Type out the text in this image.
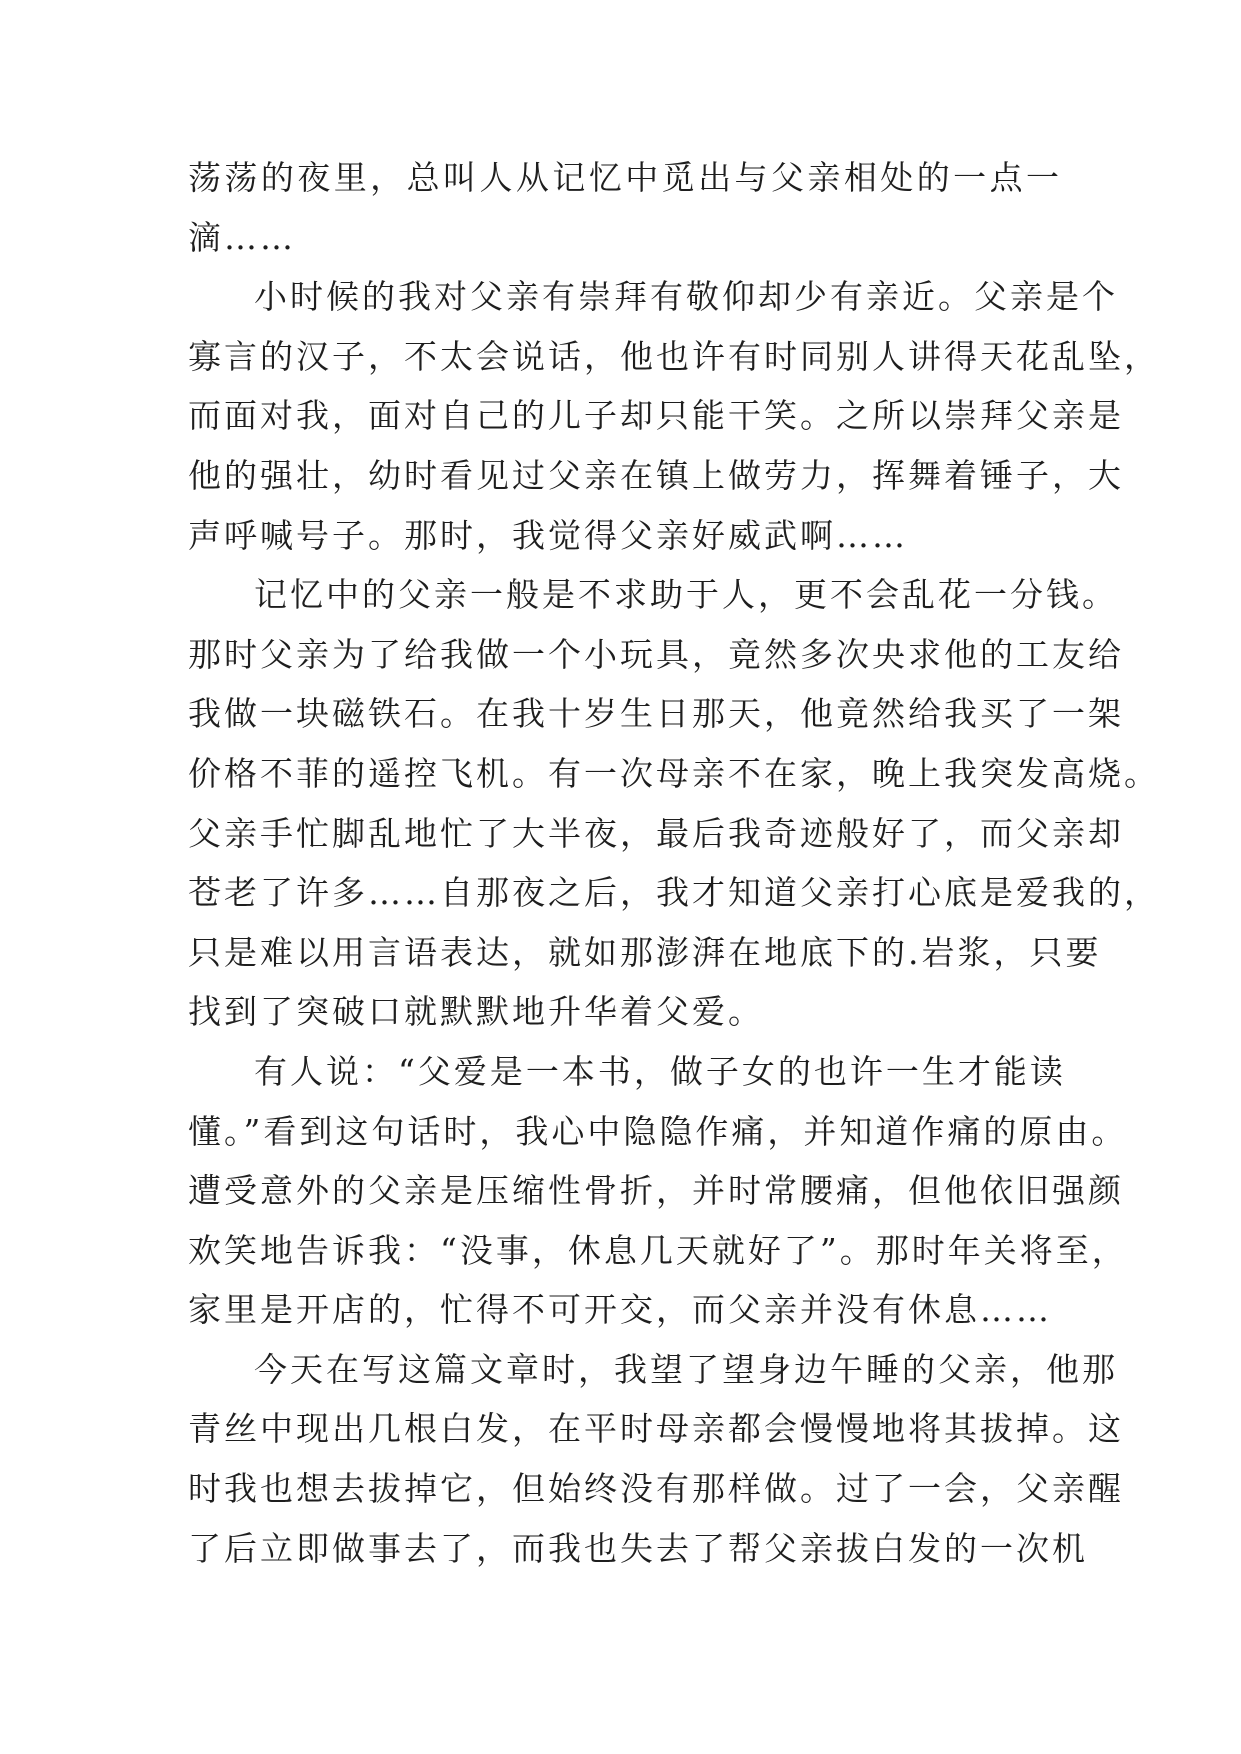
荡荡的夜里，总叫人从记忆中觅出与父亲相处的一点一
滴……
小时候的我对父亲有崇拜有敬仰却少有亲近。父亲是个
寡言的汉子，不太会说话，他也许有时同别人讲得天花乱坠，
而面对我，面对自己的儿子却只能干笑。之所以崇拜父亲是
他的强壮，幼时看见过父亲在镇上做劳力，挥舞着锤子，大
声呼喊号子。那时，我觉得父亲好威武啊……
记忆中的父亲一般是不求助于人，更不会乱花一分钱。
那时父亲为了给我做一个小玩具，竟然多次央求他的工友给
我做一块磁铁石。在我十岁生日那天，他竟然给我买了一架
价格不菲的遥控飞机。有一次母亲不在家，晚上我突发高烧。
父亲手忙脚乱地忙了大半夜，最后我奇迹般好了，而父亲却
苍老了许多……自那夜之后，我才知道父亲打心底是爱我的，
只是难以用言语表达，就如那澎湃在地底下的.岩浆，只要
找到了突破口就默默地升华着父爱。
有人说：“父爱是一本书，做子女的也许一生才能读
懂。”看到这句话时，我心中隐隐作痛，并知道作痛的原由。
遭受意外的父亲是压缩性骨折，并时常腰痛，但他依旧强颜
欢笑地告诉我：“没事，休息几天就好了”。那时年关将至，
家里是开店的，忙得不可开交，而父亲并没有休息……
今天在写这篇文章时，我望了望身边午睡的父亲，他那
青丝中现出几根白发，在平时母亲都会慢慢地将其拔掉。这
时我也想去拔掉它，但始终没有那样做。过了一会，父亲醒
了后立即做事去了，而我也失去了帮父亲拔白发的一次机
